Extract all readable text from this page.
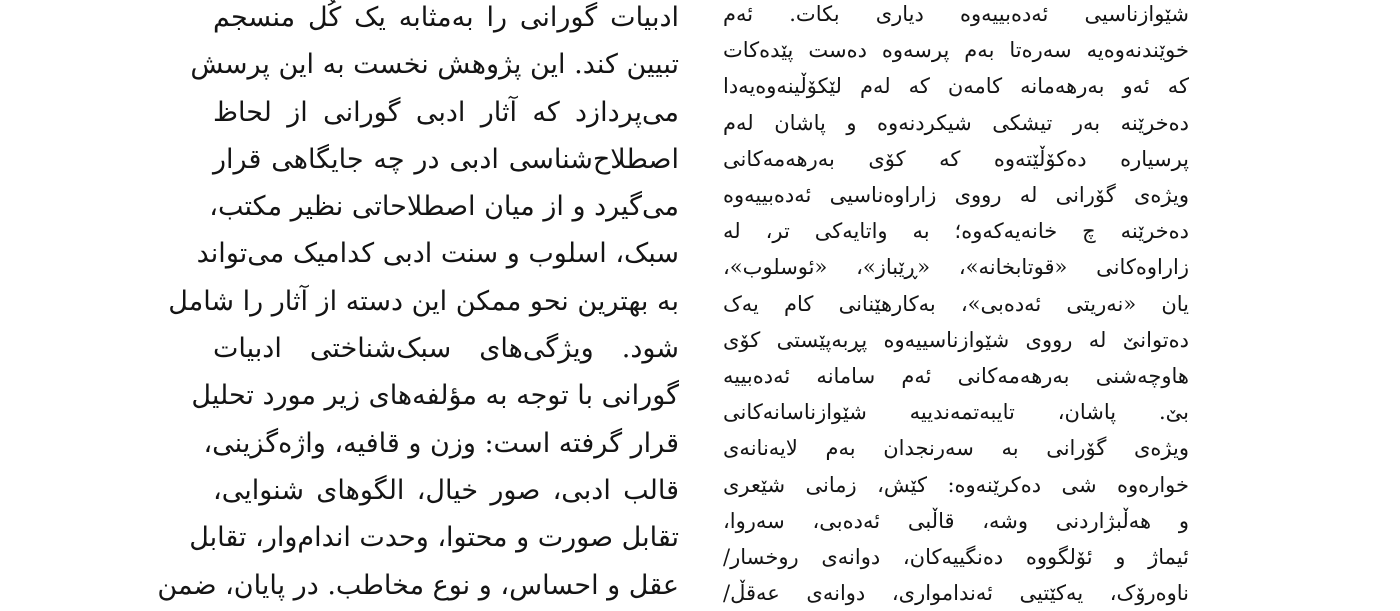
ادبیات گورانی را به‌مثابه یک کُل منسجم
تبیین کند. این پژوهش نخست به این پرسش
می‌پردازد که آثار ادبی گورانی از لحاظ
اصطلاح‌شناسی ادبی در چه جایگاهی قرار
می‌گیرد و از میان اصطلاحاتی نظیر مکتب،
سبک، اسلوب و سنت ادبی کدامیک می‌تواند
به بهترین نحو ممکن این دسته از آثار را شامل
شود. ویژگی‌های سبک‌شناختی ادبیات
گورانی با توجه به مؤلفه‌های زیر مورد تحلیل
قرار گرفته است: وزن و قافیه، واژه‌گزینی،
قالب ادبی، صور خیال، الگوهای شنوایی،
تقابل صورت و محتوا، وحدت اندام‌وار، تقابل
عقل و احساس، و نوع مخاطب. در پایان، ضمن
شێوازناسیی ئەدەبییەوە دیاری بکات. ئەم
خوێندنەوەیە سەرەتا بەم پرسەوە دەست پێدەکات
کە ئەو بەرهەمانە کامەن کە لەم لێکۆڵینەوەیەدا
دەخرێنە بەر تیشکی شیکردنەوە و پاشان لەم
پرسیارە دەکۆڵێتەوە کە کۆی بەرهەمەکانی
ویژەی گۆرانی لە رووی زاراوەناسیی ئەدەبییەوە
دەخرێنە چ خانەیەکەوە؛ بە واتایەکی تر، لە
زاراوەکانی «قوتابخانە»، «ڕێباز»، «ئوسلوب»،
یان «نەریتی ئەدەبی»، بەکارهێنانی کام یەک
دەتوانێ لە رووی شێوازناسییەوە پڕبەپێستی کۆی
هاوچەشنی بەرهەمەکانی ئەم سامانە ئەدەبییە
بێ. پاشان، تایبەتمەندییە شێوازناسانەکانی
ویژەی گۆرانی بە سەرنجدان بەم لایەنانەی
خوارەوە شی دەکرێنەوە: کێش، زمانی شێعری
و هەڵبژاردنی وشە، قاڵبی ئەدەبی، سەروا،
ئیماژ و ئۆلگووە دەنگییەکان، دوانەی روخسار/
ناوەرۆک، یەکێتیی ئەندامواری، دوانەی عەقڵ/
